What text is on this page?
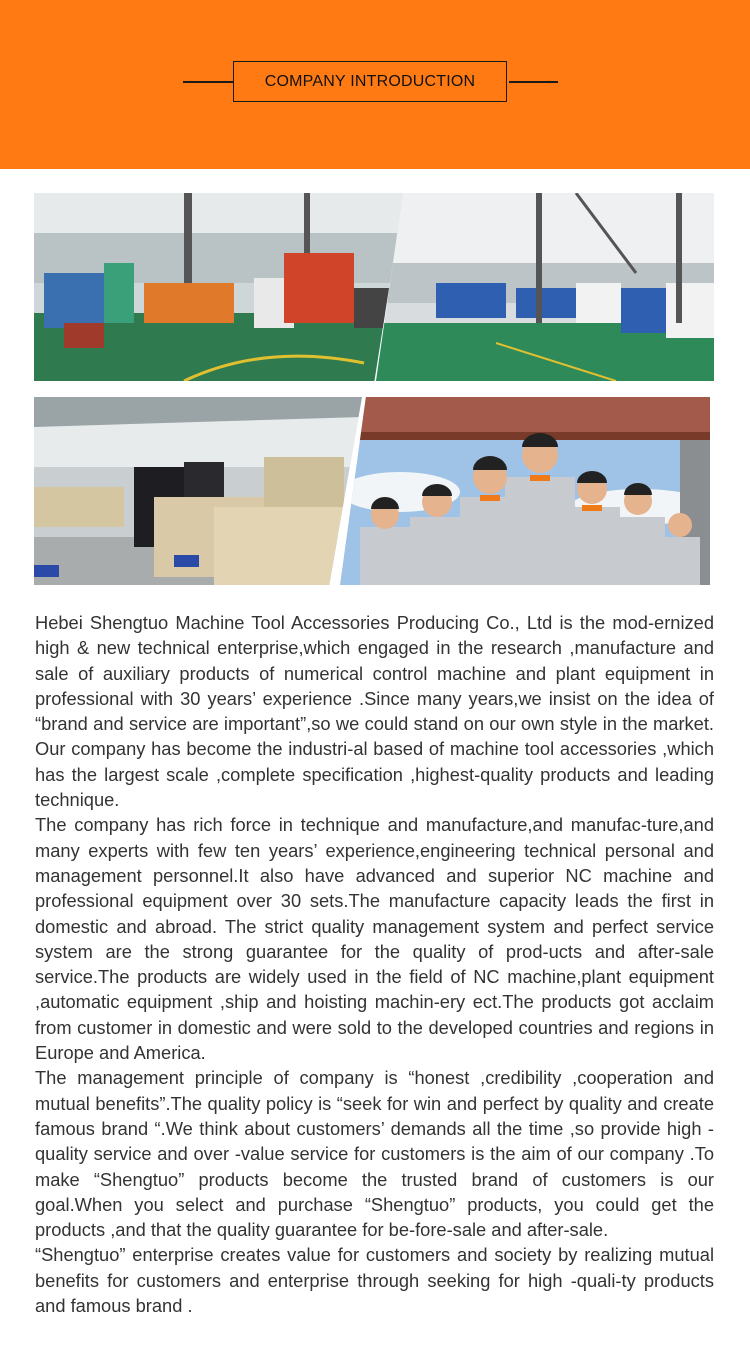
COMPANY INTRODUCTION

Hebei Shengtuo Machine Tool Accessories Producing Co., Ltd is the mod-ernized high & new technical enterprise,which engaged in the research ,manufacture and sale of auxiliary products of numerical control machine and plant equipment in professional with 30 years’ experience .Since many years,we insist on the idea of “brand and service are important”,so we could stand on our own style in the market. Our company has become the industri-al based of machine tool accessories ,which has the largest scale ,complete specification ,highest-quality products and leading technique.

The company has rich force in technique and manufacture,and manufac-ture,and many experts with few ten years’ experience,engineering technical personal and management personnel.It also have advanced and superior NC machine and professional equipment over 30 sets.The manufacture capacity leads the first in domestic and abroad. The strict quality management system and perfect service system are the strong guarantee for the quality of prod-ucts and after-sale service.The products are widely used in the field of NC machine,plant equipment ,automatic equipment ,ship and hoisting machin-ery ect.The products got acclaim from customer in domestic and were sold to the developed countries and regions in Europe and America.

The management principle of company is “honest ,credibility ,cooperation and mutual benefits”.The quality policy is “seek for win and perfect by quality and create famous brand “.We think about customers’ demands all the time ,so provide high -quality service and over -value service for customers is the aim of our company .To make “Shengtuo” products become the trusted brand of customers is our goal.When you select and purchase “Shengtuo” products, you could get the products ,and that the quality guarantee for be-fore-sale and after-sale.

“Shengtuo” enterprise creates value for customers and society by realizing mutual benefits for customers and enterprise through seeking for high -quali-ty products and famous brand .
